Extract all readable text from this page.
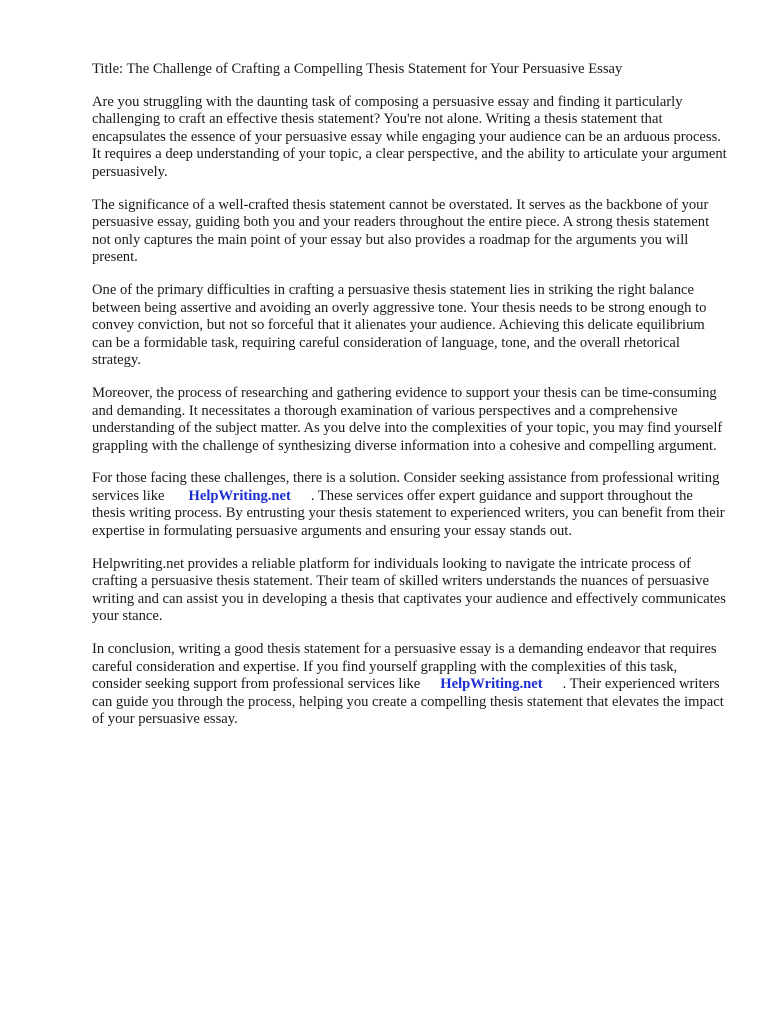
Title: The Challenge of Crafting a Compelling Thesis Statement for Your Persuasive Essay

Are you struggling with the daunting task of composing a persuasive essay and finding it particularly challenging to craft an effective thesis statement? You're not alone. Writing a thesis statement that encapsulates the essence of your persuasive essay while engaging your audience can be an arduous process. It requires a deep understanding of your topic, a clear perspective, and the ability to articulate your argument persuasively.

The significance of a well-crafted thesis statement cannot be overstated. It serves as the backbone of your persuasive essay, guiding both you and your readers throughout the entire piece. A strong thesis statement not only captures the main point of your essay but also provides a roadmap for the arguments you will present.

One of the primary difficulties in crafting a persuasive thesis statement lies in striking the right balance between being assertive and avoiding an overly aggressive tone. Your thesis needs to be strong enough to convey conviction, but not so forceful that it alienates your audience. Achieving this delicate equilibrium can be a formidable task, requiring careful consideration of language, tone, and the overall rhetorical strategy.

Moreover, the process of researching and gathering evidence to support your thesis can be time-consuming and demanding. It necessitates a thorough examination of various perspectives and a comprehensive understanding of the subject matter. As you delve into the complexities of your topic, you may find yourself grappling with the challenge of synthesizing diverse information into a cohesive and compelling argument.

For those facing these challenges, there is a solution. Consider seeking assistance from professional writing services like HelpWriting.net . These services offer expert guidance and support throughout the thesis writing process. By entrusting your thesis statement to experienced writers, you can benefit from their expertise in formulating persuasive arguments and ensuring your essay stands out.

Helpwriting.net provides a reliable platform for individuals looking to navigate the intricate process of crafting a persuasive thesis statement. Their team of skilled writers understands the nuances of persuasive writing and can assist you in developing a thesis that captivates your audience and effectively communicates your stance.

In conclusion, writing a good thesis statement for a persuasive essay is a demanding endeavor that requires careful consideration and expertise. If you find yourself grappling with the complexities of this task, consider seeking support from professional services like HelpWriting.net . Their experienced writers can guide you through the process, helping you create a compelling thesis statement that elevates the impact of your persuasive essay.
